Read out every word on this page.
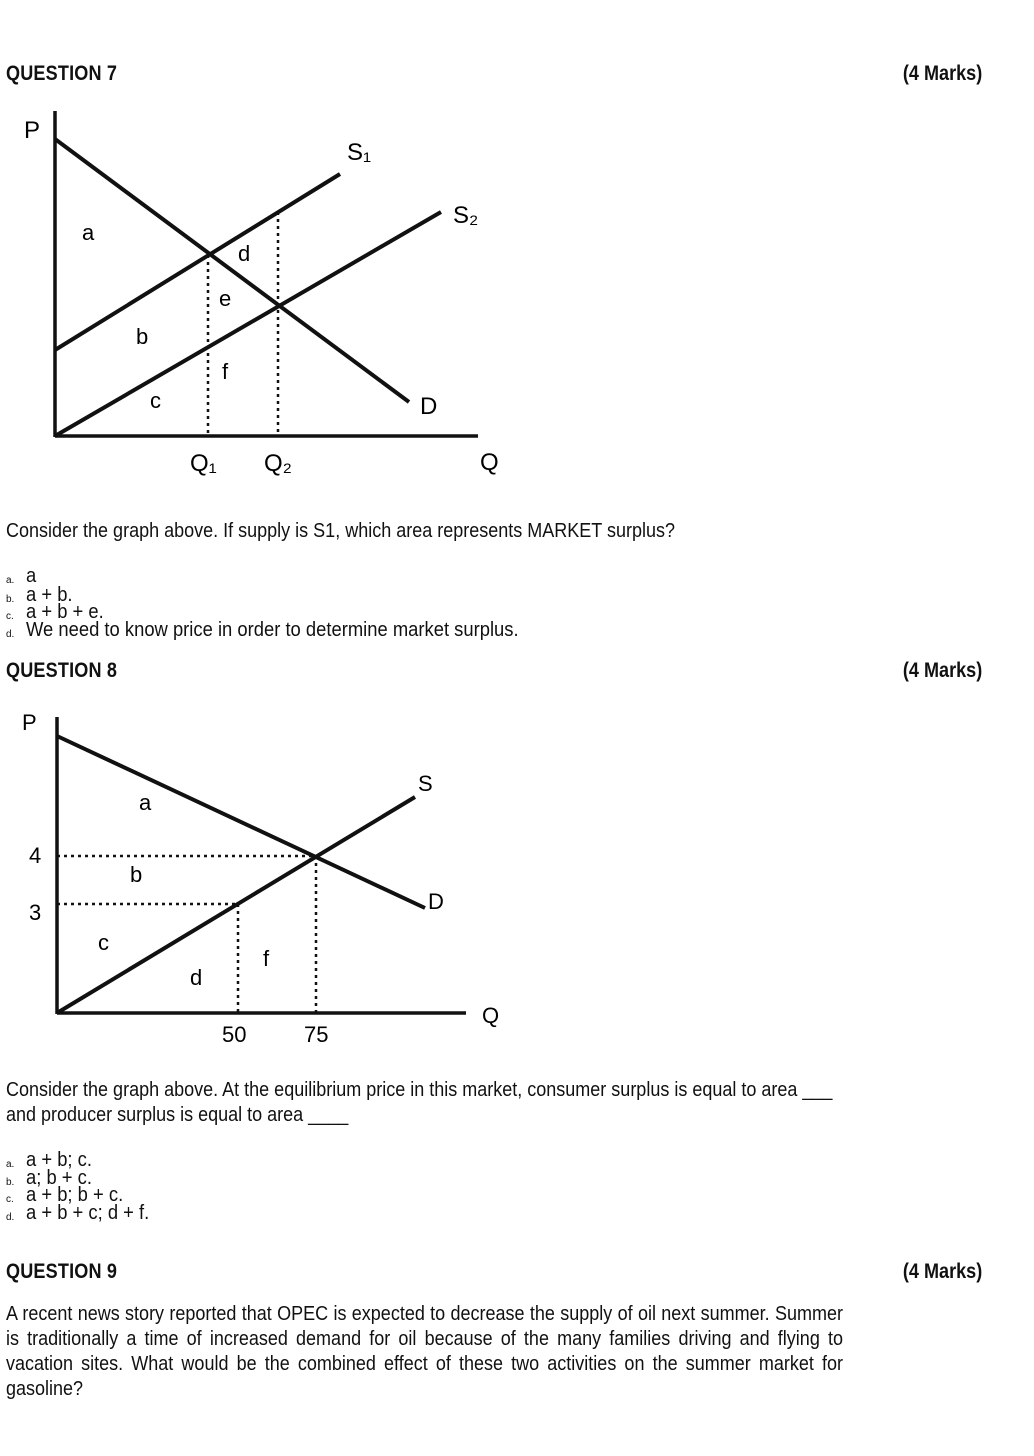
QUESTION 7	(4 Marks)
P
Q
S₁
S₂
D
Q₁ Q₂
a
b
c
d
e
f
Consider the graph above. If supply is S1, which area represents MARKET surplus?
a. a
b. a + b.
c. a + b + e.
d. We need to know price in order to determine market surplus.
QUESTION 8	(4 Marks)
P
Q
S
D
4
3
50	75
a
b
c
d
f
Consider the graph above. At the equilibrium price in this market, consumer surplus is equal to area ___
and producer surplus is equal to area ____
a. a + b; c.
b. a; b + c.
c. a + b; b + c.
d. a + b + c; d + f.
QUESTION 9	(4 Marks)
A recent news story reported that OPEC is expected to decrease the supply of oil next summer. Summer is traditionally a time of increased demand for oil because of the many families driving and flying to vacation sites. What would be the combined effect of these two activities on the summer market for gasoline?
